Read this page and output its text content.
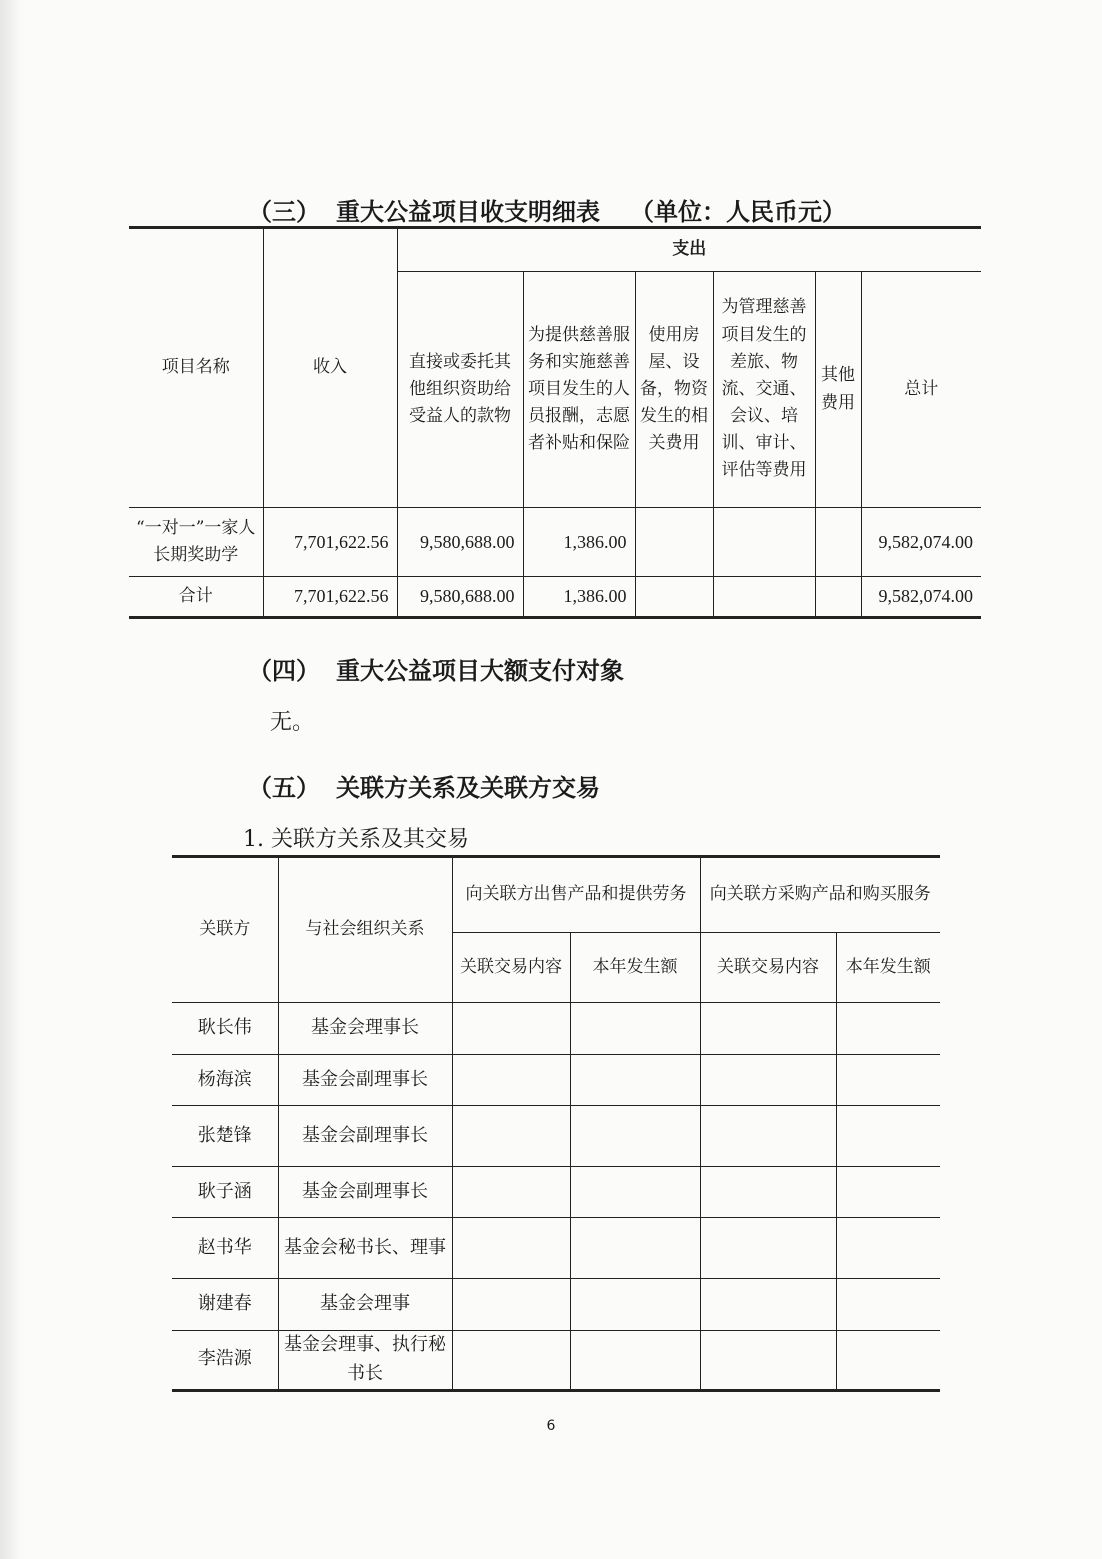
（三） 重大公益项目收支明细表 （单位：人民币元）
项目名称	收入	支出					
		直接或委托其他组织资助给受益人的款物	为提供慈善服务和实施慈善项目发生的人员报酬，志愿者补贴和保险	使用房屋、设备，物资发生的相关费用	为管理慈善项目发生的差旅、物流、交通、会议、培训、审计、评估等费用	其他费用	总计
“一对一”一家人长期奖助学	7,701,622.56	9,580,688.00	1,386.00				9,582,074.00
合计	7,701,622.56	9,580,688.00	1,386.00				9,582,074.00
（四） 重大公益项目大额支付对象
无。
（五） 关联方关系及关联方交易
1. 关联方关系及其交易
关联方	与社会组织关系	向关联方出售产品和提供劳务		向关联方采购产品和购买服务	
		关联交易内容	本年发生额	关联交易内容	本年发生额
耿长伟	基金会理事长				
杨海滨	基金会副理事长				
张楚锋	基金会副理事长				
耿子涵	基金会副理事长				
赵书华	基金会秘书长、理事				
谢建春	基金会理事				
李浩源	基金会理事、执行秘书长				
6
